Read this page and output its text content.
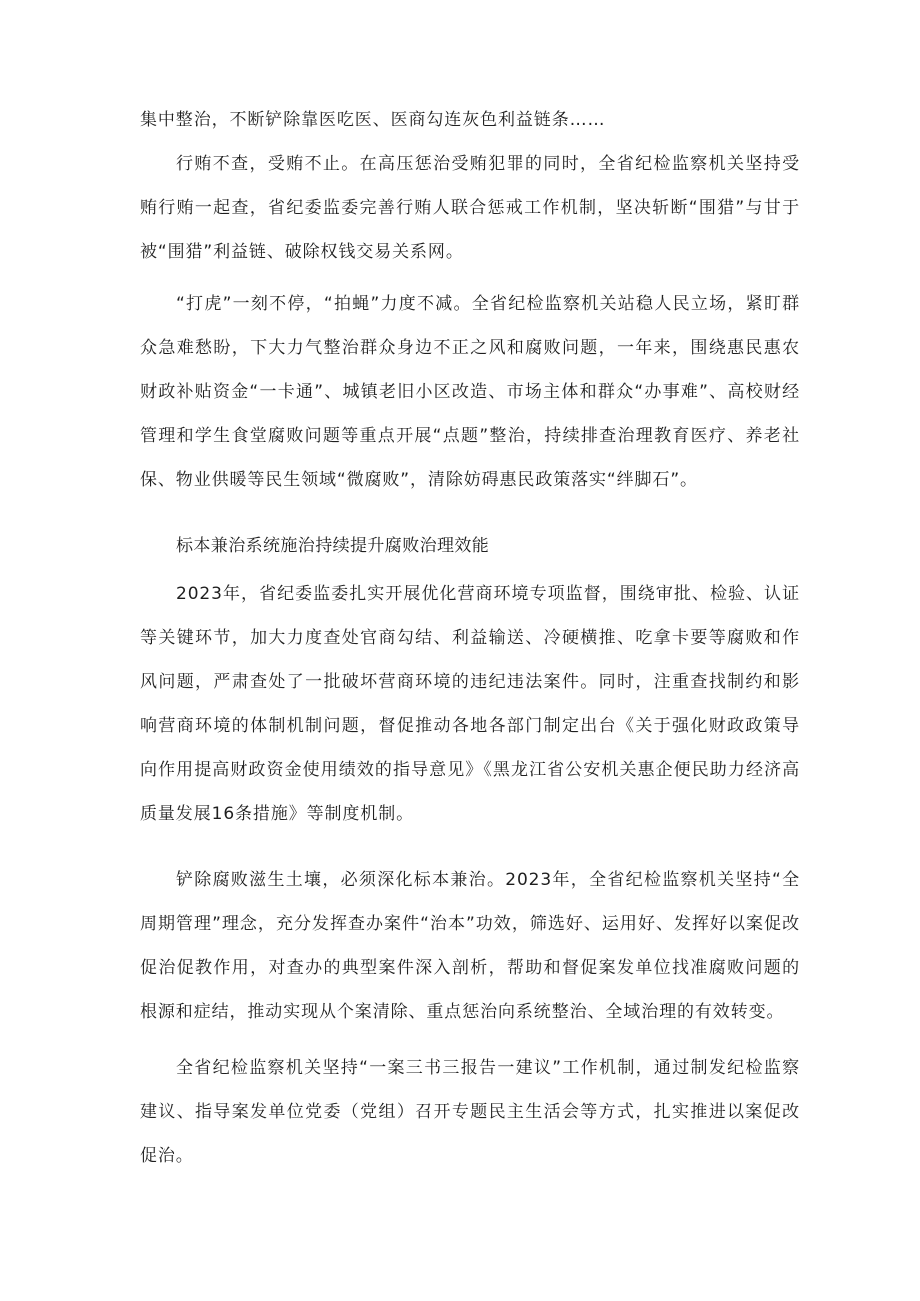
集中整治，不断铲除靠医吃医、医商勾连灰色利益链条……

行贿不查，受贿不止。在高压惩治受贿犯罪的同时，全省纪检监察机关坚持受贿行贿一起查，省纪委监委完善行贿人联合惩戒工作机制，坚决斩断“围猎”与甘于被“围猎”利益链、破除权钱交易关系网。

“打虎”一刻不停，“拍蝇”力度不减。全省纪检监察机关站稳人民立场，紧盯群众急难愁盼，下大力气整治群众身边不正之风和腐败问题，一年来，围绕惠民惠农财政补贴资金“一卡通”、城镇老旧小区改造、市场主体和群众“办事难”、高校财经管理和学生食堂腐败问题等重点开展“点题”整治，持续排查治理教育医疗、养老社保、物业供暖等民生领域“微腐败”，清除妨碍惠民政策落实“绊脚石”。

标本兼治系统施治持续提升腐败治理效能

2023年，省纪委监委扎实开展优化营商环境专项监督，围绕审批、检验、认证等关键环节，加大力度查处官商勾结、利益输送、冷硬横推、吃拿卡要等腐败和作风问题，严肃查处了一批破坏营商环境的违纪违法案件。同时，注重查找制约和影响营商环境的体制机制问题，督促推动各地各部门制定出台《关于强化财政政策导向作用提高财政资金使用绩效的指导意见》《黑龙江省公安机关惠企便民助力经济高质量发展16条措施》等制度机制。

铲除腐败滋生土壤，必须深化标本兼治。2023年，全省纪检监察机关坚持“全周期管理”理念，充分发挥查办案件“治本”功效，筛选好、运用好、发挥好以案促改促治促教作用，对查办的典型案件深入剖析，帮助和督促案发单位找准腐败问题的根源和症结，推动实现从个案清除、重点惩治向系统整治、全域治理的有效转变。

全省纪检监察机关坚持“一案三书三报告一建议”工作机制，通过制发纪检监察建议、指导案发单位党委（党组）召开专题民主生活会等方式，扎实推进以案促改促治。
